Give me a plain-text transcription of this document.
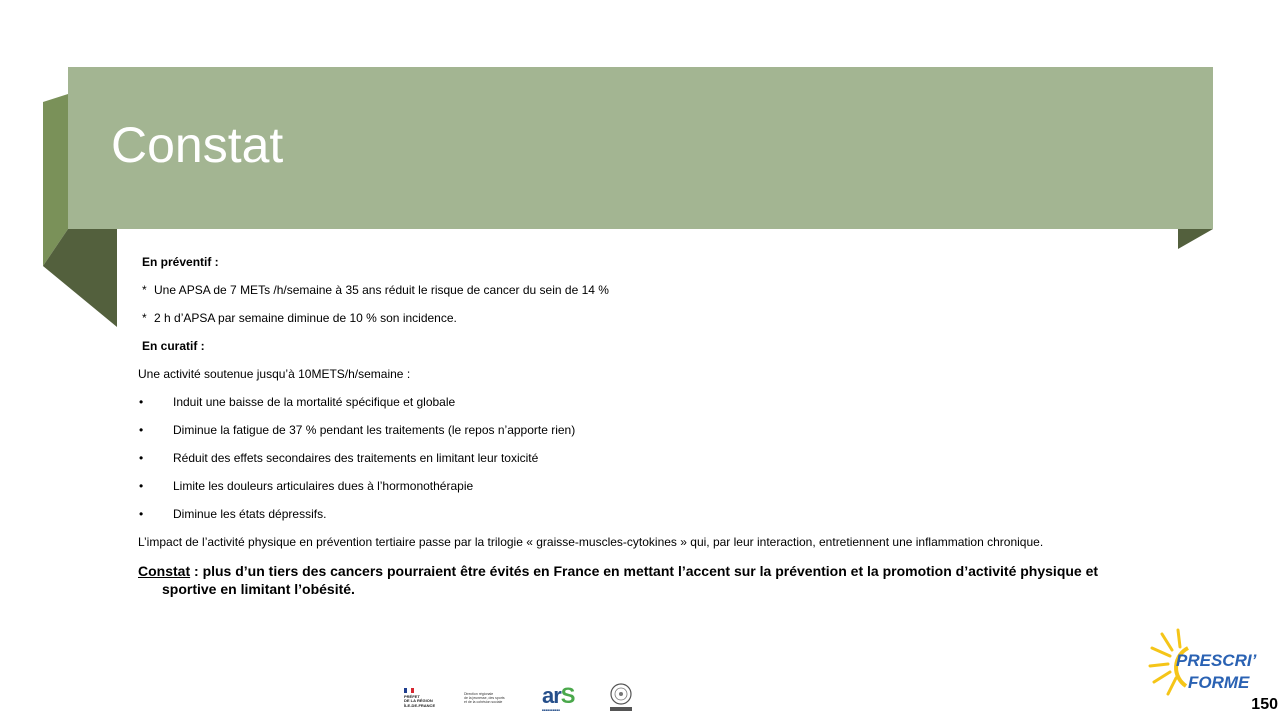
Constat

En préventif :

* Une APSA de 7 METs /h/semaine à 35 ans réduit le risque de cancer du sein de 14 %

* 2 h d’APSA par semaine diminue de 10 % son incidence.

En curatif :

Une activité soutenue jusqu’à 10METS/h/semaine :

• Induit une baisse de la mortalité spécifique et globale

• Diminue la fatigue de 37 % pendant les traitements (le repos n’apporte rien)

• Réduit des effets secondaires des traitements en limitant leur toxicité

• Limite les douleurs articulaires dues à l’hormonothérapie

• Diminue les états dépressifs.

L’impact de l’activité physique en prévention tertiaire passe par la trilogie « graisse-muscles-cytokines » qui, par leur interaction, entretiennent une inflammation chronique.

Constat : plus d’un tiers des cancers pourraient être évités en France en mettant l’accent sur la prévention et la promotion d’activité physique et sportive en limitant l’obésité.

PRÉFET
DE LA RÉGION
ÎLE-DE-FRANCE
Direction régionale
de la jeunesse, des sports
et de la cohésion sociale	arS
■■■■■■■■■■
PRESCRI’
FORME
150
